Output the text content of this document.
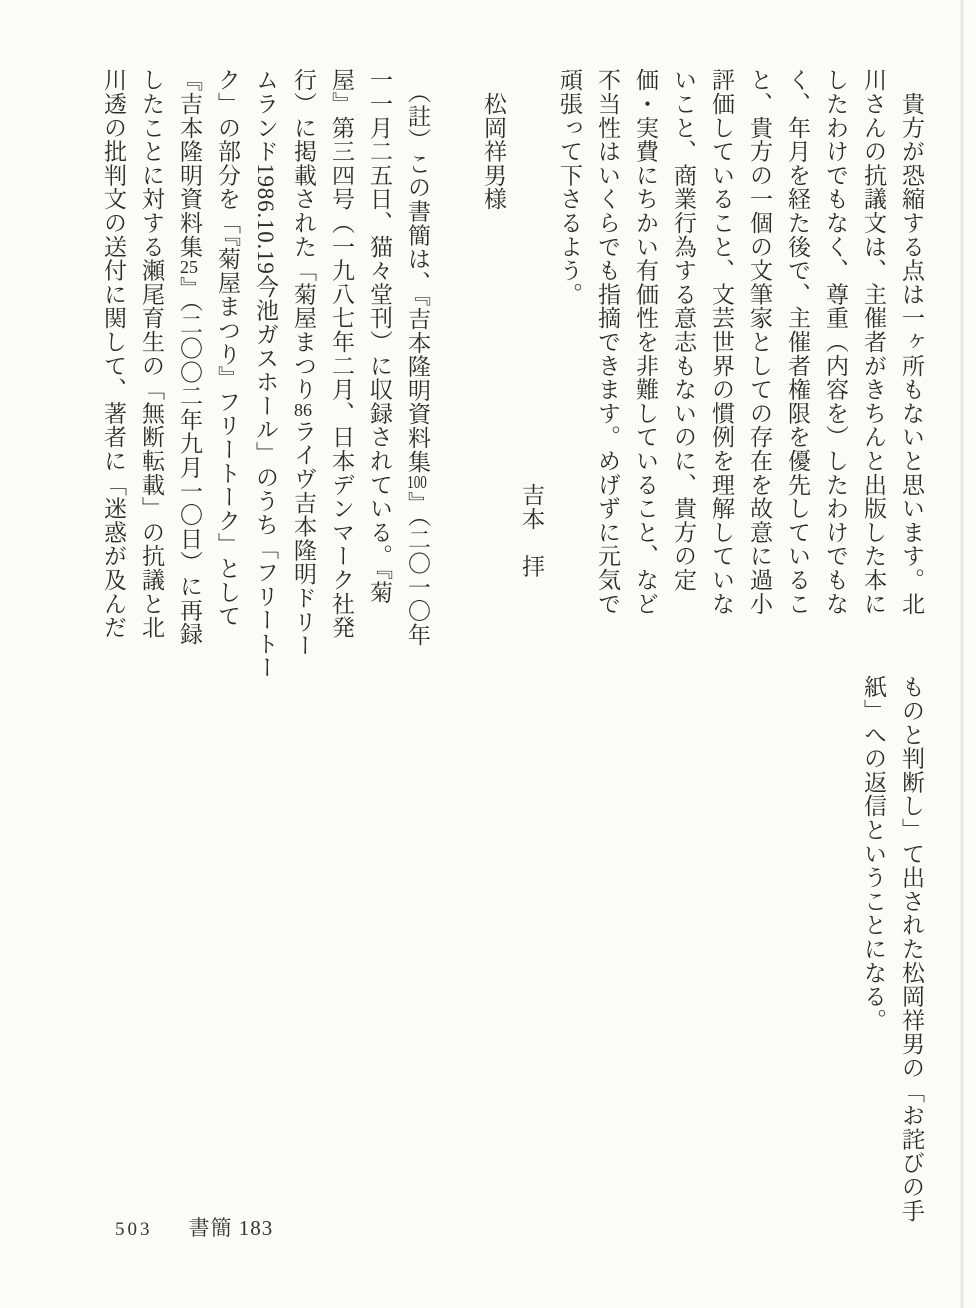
　貴方が恐縮する点は一ヶ所もないと思います。北
川さんの抗議文は、主催者がきちんと出版した本に
したわけでもなく、尊重（内容を）したわけでもな
く、年月を経た後で、主催者権限を優先しているこ
と、貴方の一個の文筆家としての存在を故意に過小
評価していること、文芸世界の慣例を理解していな
いこと、商業行為する意志もないのに、貴方の定
価・実費にちかい有価性を非難していること、など
不当性はいくらでも指摘できます。めげずに元気で
頑張って下さるよう。
吉本　拝
　松岡祥男様
　（註）この書簡は、『吉本隆明資料集100』（二〇一〇年
一一月二五日、猫々堂刊）に収録されている。『菊
屋』第三四号（一九八七年二月、日本デンマーク社発
行）に掲載された「菊屋まつり86ライヴ吉本隆明ドリー
ムランド1986.10.19今池ガスホール」のうち「フリートー
ク」の部分を「『菊屋まつり』フリートーク」として
『吉本隆明資料集25』（二〇〇二年九月一〇日）に再録
したことに対する瀬尾育生の「無断転載」の抗議と北
川透の批判文の送付に関して、著者に「迷惑が及んだ
ものと判断し」て出された松岡祥男の「お詫びの手
紙」への返信ということになる。
503 書簡 183
